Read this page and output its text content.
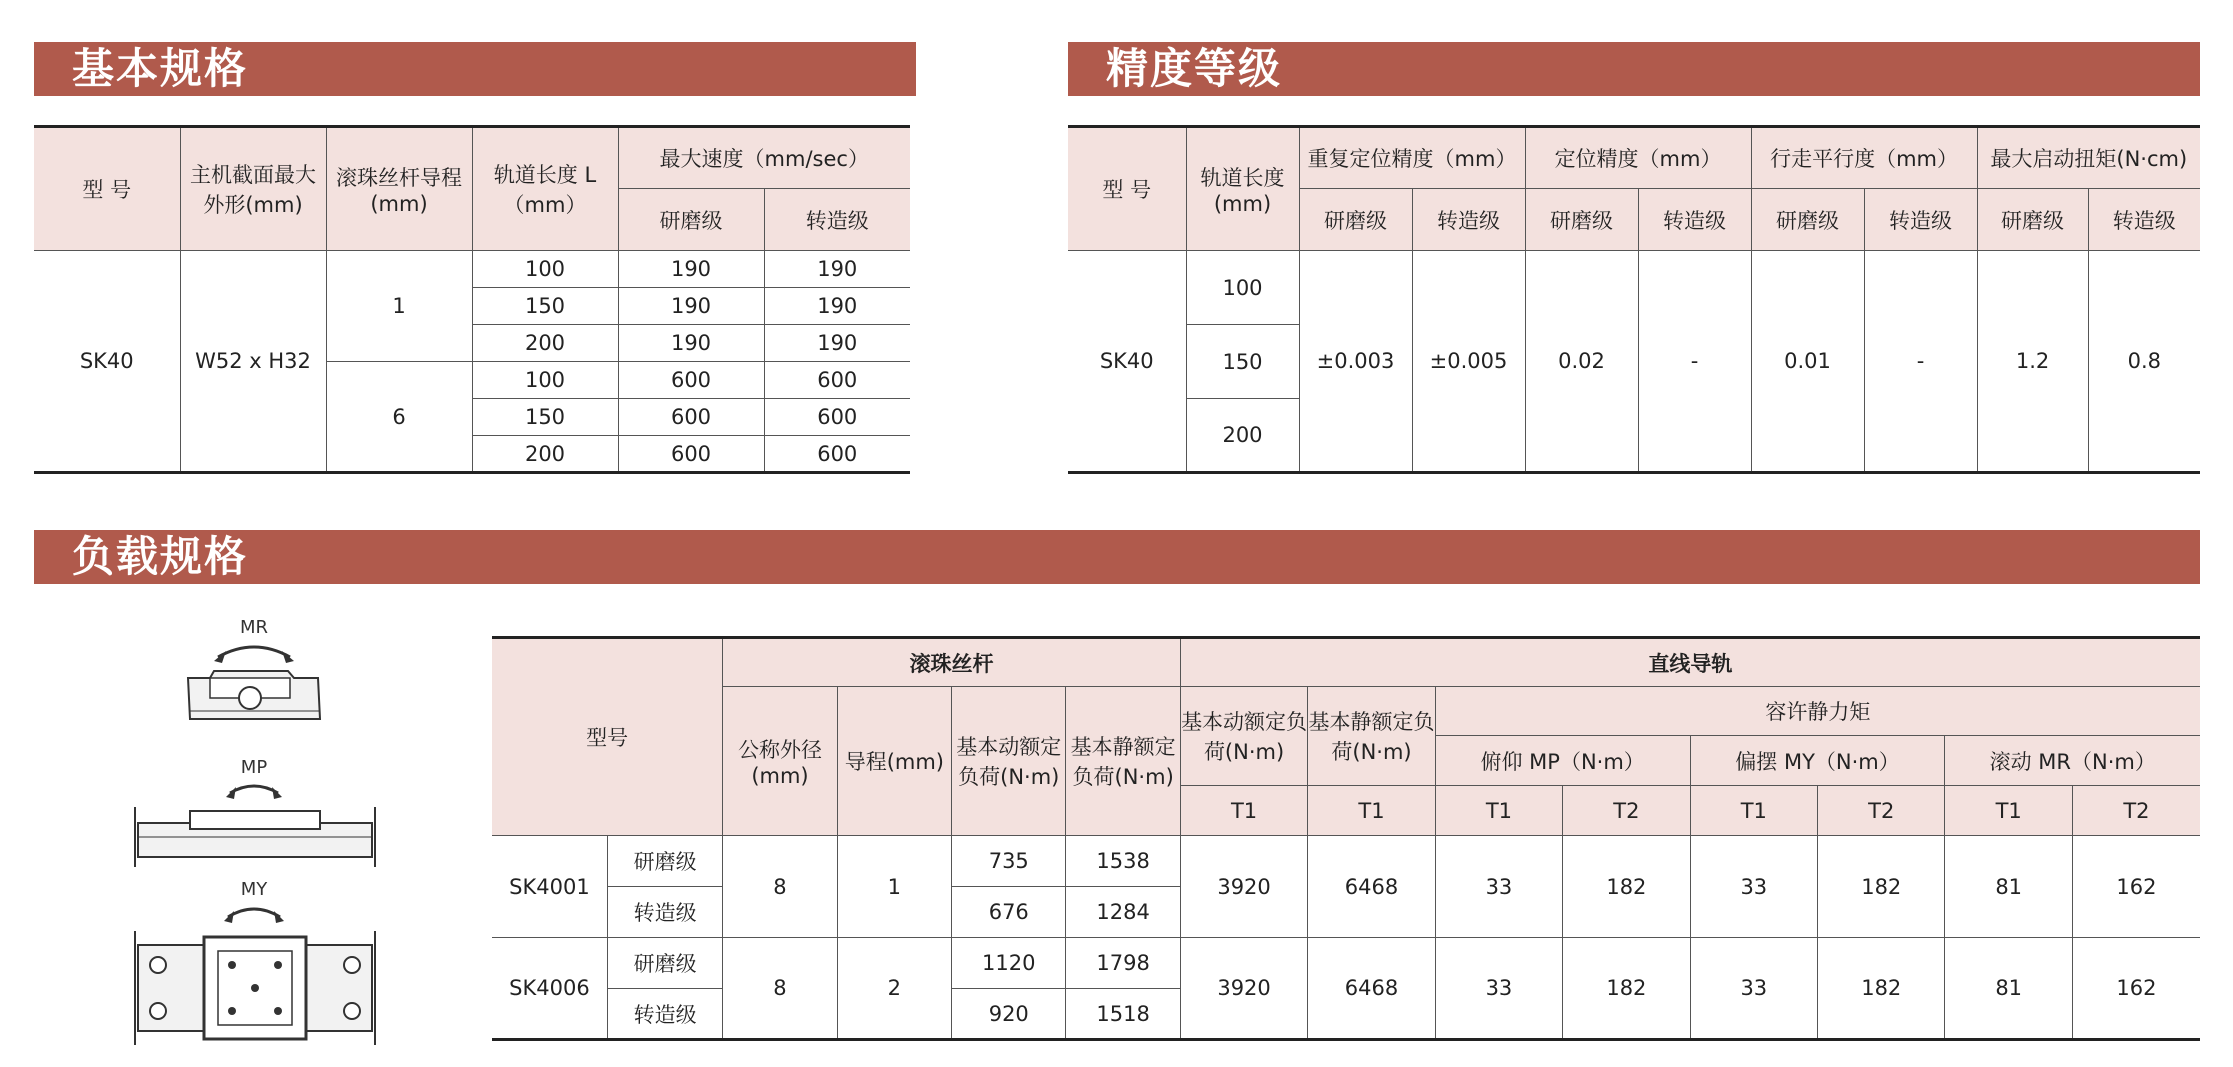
基本规格	精度等级
负载规格
型 号	主机截面最大外形(mm)	滚珠丝杆导程(mm)	轨道长度 L（mm）	最大速度（mm/sec）	
				研磨级	转造级
SK40	W52 x H32	1	100	190	190
			150	190	190
			200	190	190
		6	100	600	600
			150	600	600
			200	600	600
型 号	轨道长度(mm)	重复定位精度（mm）		定位精度（mm）		行走平行度（mm）		最大启动扭矩(N·cm)	
		研磨级	转造级	研磨级	转造级	研磨级	转造级	研磨级	转造级
SK40	100	±0.003	±0.005	0.02	-	0.01	-	1.2	0.8
	150								
	200								
MR
MP
MY
型号		滚珠丝杆				直线导轨							
		公称外径(mm)	导程(mm)	基本动额定负荷(N·m)	基本静额定负荷(N·m)	基本动额定负荷(N·m)	基本静额定负荷(N·m)	容许静力矩					
								俯仰 MP（N·m）		偏摆 MY（N·m）		滚动 MR（N·m）	
						T1	T1	T1	T2	T1	T2	T1	T2
SK4001	研磨级	8	1	735	1538	3920	6468	33	182	33	182	81	162
	转造级			676	1284								
SK4006	研磨级	8	2	1120	1798	3920	6468	33	182	33	182	81	162
	转造级			920	1518								
